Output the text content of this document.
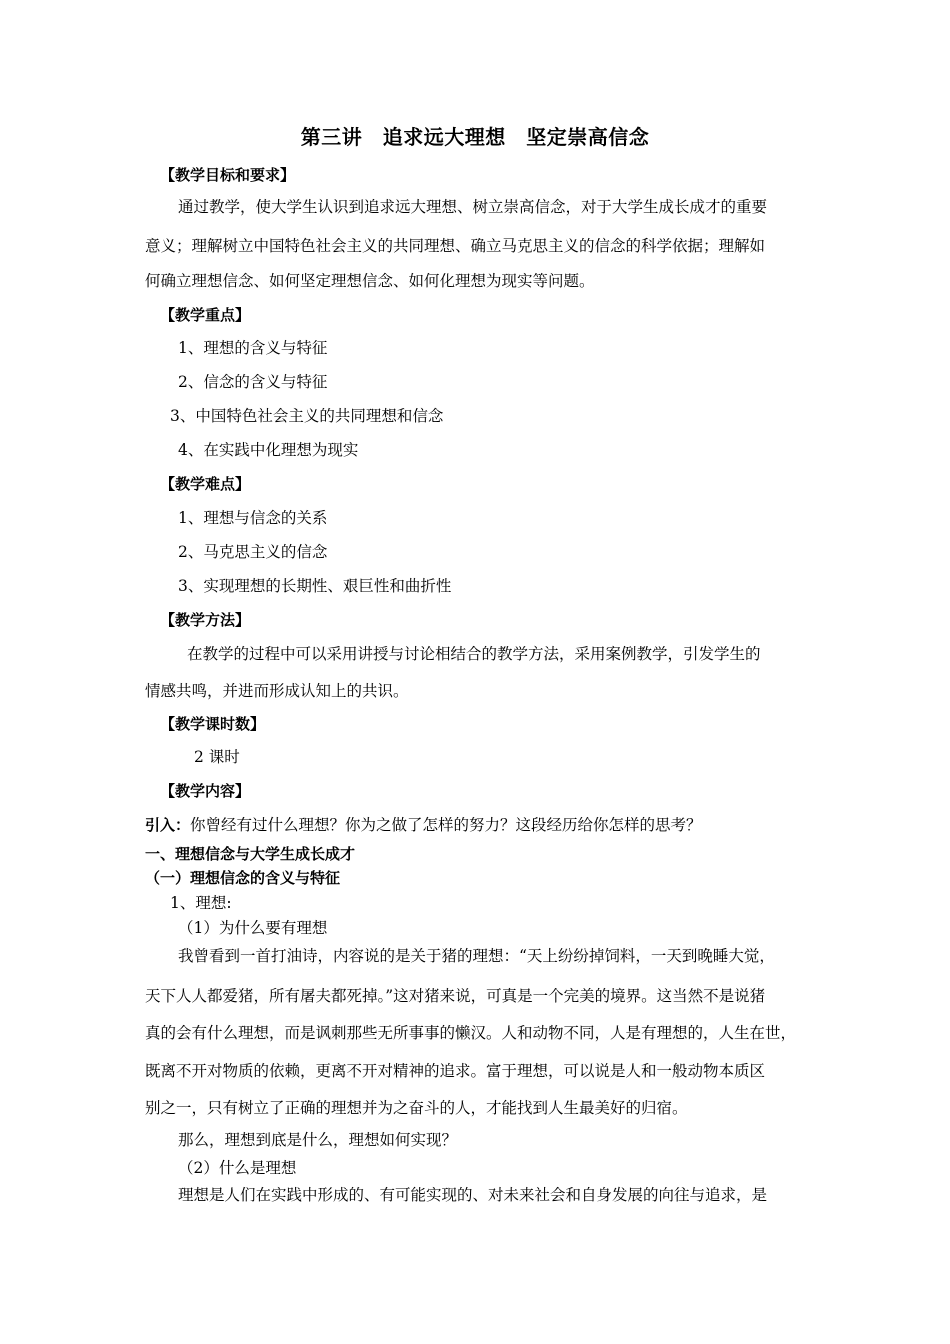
第三讲　追求远大理想　坚定崇高信念
【教学目标和要求】
通过教学，使大学生认识到追求远大理想、树立崇高信念，对于大学生成长成才的重要
意义；理解树立中国特色社会主义的共同理想、确立马克思主义的信念的科学依据；理解如
何确立理想信念、如何坚定理想信念、如何化理想为现实等问题。
【教学重点】
1、理想的含义与特征
2、信念的含义与特征
3、中国特色社会主义的共同理想和信念
4、在实践中化理想为现实
【教学难点】
1、理想与信念的关系
2、马克思主义的信念
3、实现理想的长期性、艰巨性和曲折性
【教学方法】
在教学的过程中可以采用讲授与讨论相结合的教学方法，采用案例教学，引发学生的
情感共鸣，并进而形成认知上的共识。
【教学课时数】
2 课时
【教学内容】
引入：你曾经有过什么理想？你为之做了怎样的努力？这段经历给你怎样的思考？
一、理想信念与大学生成长成才
（一）理想信念的含义与特征
1、理想:
（1）为什么要有理想
我曾看到一首打油诗，内容说的是关于猪的理想：“天上纷纷掉饲料，一天到晚睡大觉，
天下人人都爱猪，所有屠夫都死掉。”这对猪来说，可真是一个完美的境界。这当然不是说猪
真的会有什么理想，而是讽刺那些无所事事的懒汉。人和动物不同，人是有理想的，人生在世，
既离不开对物质的依赖，更离不开对精神的追求。富于理想，可以说是人和一般动物本质区
别之一，只有树立了正确的理想并为之奋斗的人，才能找到人生最美好的归宿。
那么，理想到底是什么，理想如何实现？
（2）什么是理想
理想是人们在实践中形成的、有可能实现的、对未来社会和自身发展的向往与追求，是
